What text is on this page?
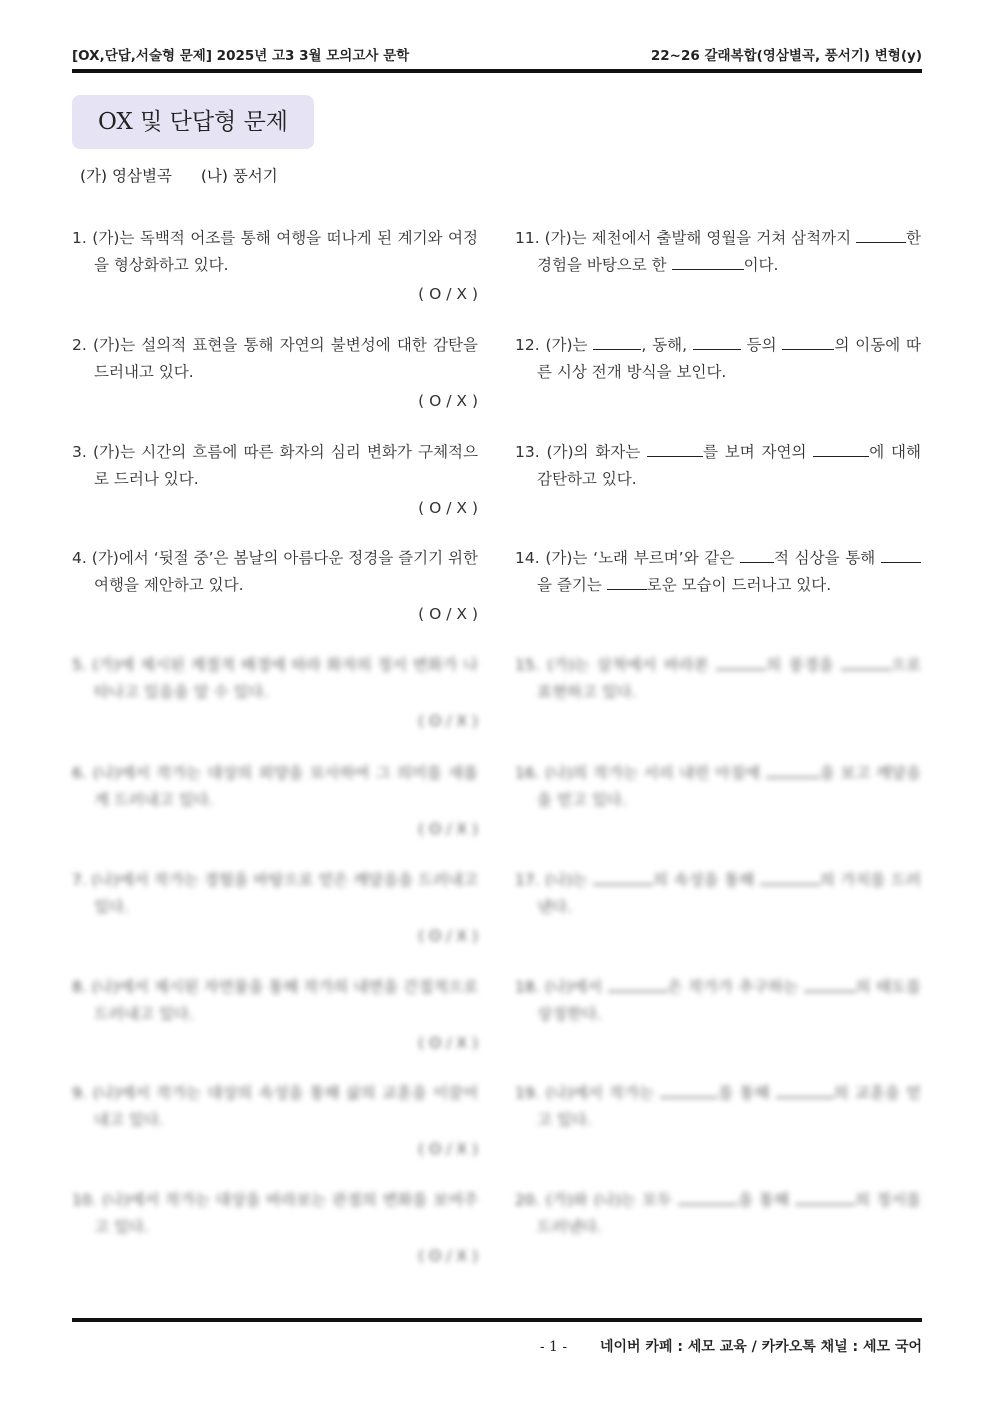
[OX,단답,서술형 문제] 2025년 고3 3월 모의고사 문학	22~26 갈래복합(영삼별곡, 풍서기) 변형(y)
OX 및 단답형 문제
(가) 영삼별곡 (나) 풍서기
1. (가)는 독백적 어조를 통해 여행을 떠나게 된 계기와 여정을 형상화하고 있다.
( O / X )
2. (가)는 설의적 표현을 통해 자연의 불변성에 대한 감탄을 드러내고 있다.
( O / X )
3. (가)는 시간의 흐름에 따른 화자의 심리 변화가 구체적으로 드러나 있다.
( O / X )
4. (가)에서 ‘뒷절 중’은 봄날의 아름다운 정경을 즐기기 위한 여행을 제안하고 있다.
( O / X )
5. (가)에 제시된 계절적 배경에 따라 화자의 정서 변화가 나타나고 있음을 알 수 있다.
( O / X )
6. (나)에서 작가는 대상의 외양을 묘사하여 그 의미를 새롭게 드러내고 있다.
( O / X )
7. (나)에서 작가는 경험을 바탕으로 얻은 깨달음을 드러내고 있다.
( O / X )
8. (나)에서 제시된 자연물을 통해 작가의 내면을 간접적으로 드러내고 있다.
( O / X )
9. (나)에서 작가는 대상의 속성을 통해 삶의 교훈을 이끌어내고 있다.
( O / X )
10. (나)에서 작가는 대상을 바라보는 관점의 변화를 보여주고 있다.
( O / X )
11. (가)는 제천에서 출발해 영월을 거쳐 삼척까지	한 경험을 바탕으로 한	이다.
12. (가)는	, 동해,	등의	의 이동에 따른 시상 전개 방식을 보인다.
13. (가)의 화자는	를 보며 자연의	에 대해 감탄하고 있다.
14. (가)는 ‘노래 부르며’와 같은 적 심상을 통해 을 즐기는	로운 모습이 드러나고 있다.
15. (가)는 삼척에서 바라본	의 풍경을	으로 표현하고 있다.
16. (나)의 작가는 서리 내린 아침에	을 보고 깨달음을 얻고 있다.
17. (나)는	의 속성을 통해	의 가치를 드러낸다.
18. (나)에서	은 작가가 추구하는	의 태도를 상징한다.
19. (나)에서 작가는	를 통해	의 교훈을 얻고 있다.
20. (가)와 (나)는 모두	을 통해	의 정서를 드러낸다.
- 1 - 네이버 카페 : 세모 교육 / 카카오톡 채널 : 세모 국어
